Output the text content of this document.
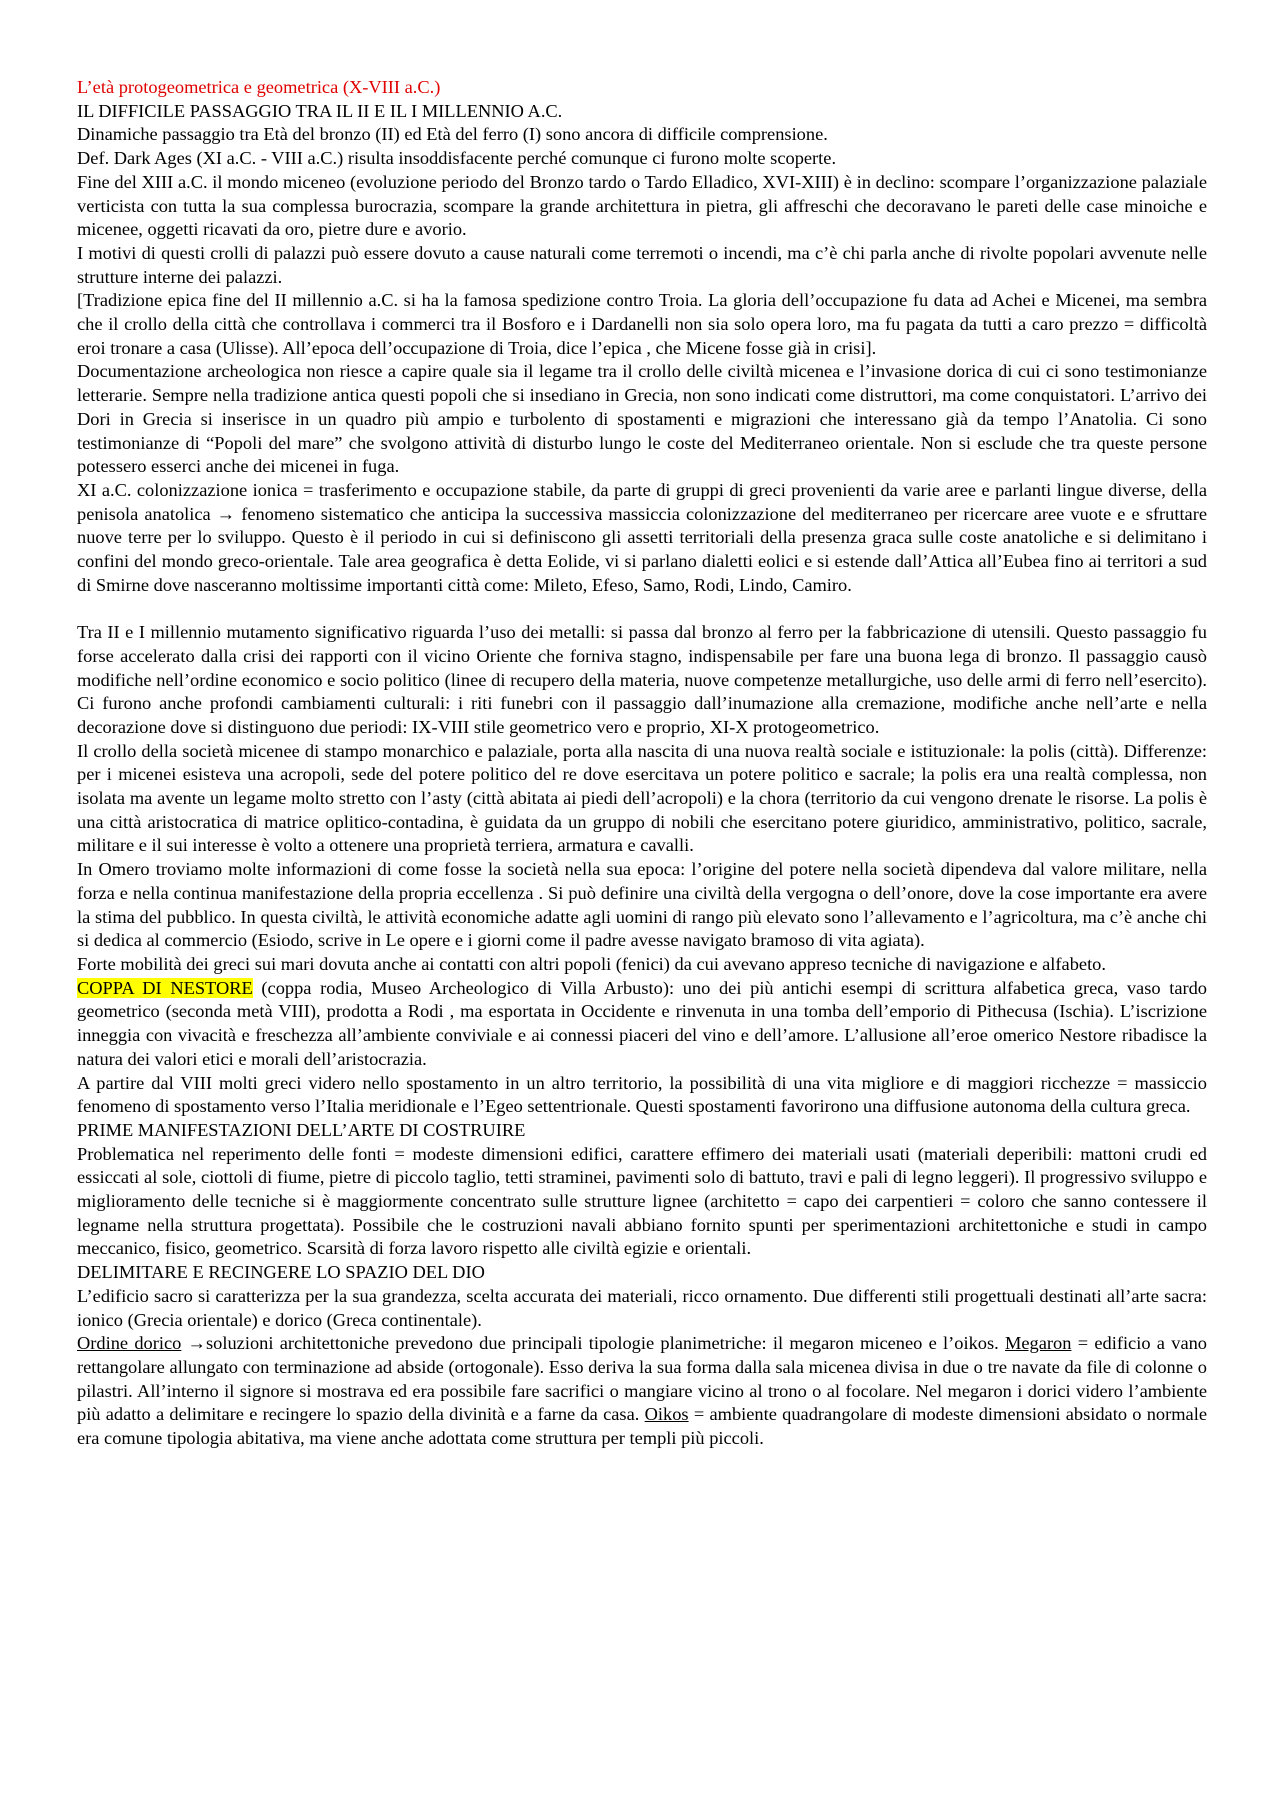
L’età protogeometrica e geometrica (X-VIII a.C.)

IL DIFFICILE PASSAGGIO TRA IL II E IL I MILLENNIO A.C.

Dinamiche passaggio tra Età del bronzo (II) ed Età del ferro (I) sono ancora di difficile comprensione.

Def. Dark Ages (XI a.C. - VIII a.C.) risulta insoddisfacente perché comunque ci furono molte scoperte.

Fine del XIII a.C. il mondo miceneo (evoluzione periodo del Bronzo tardo o Tardo Elladico, XVI-XIII) è in declino: scompare l’organizzazione palaziale verticista con tutta la sua complessa burocrazia, scompare la grande architettura in pietra, gli affreschi che decoravano le pareti delle case minoiche e micenee, oggetti ricavati da oro, pietre dure e avorio.

I motivi di questi crolli di palazzi può essere dovuto a cause naturali come terremoti o incendi, ma c’è chi parla anche di rivolte popolari avvenute nelle strutture interne dei palazzi.

[Tradizione epica fine del II millennio a.C. si ha la famosa spedizione contro Troia. La gloria dell’occupazione fu data ad Achei e Micenei, ma sembra che il crollo della città che controllava i commerci tra il Bosforo e i Dardanelli non sia solo opera loro, ma fu pagata da tutti a caro prezzo = difficoltà eroi tronare a casa (Ulisse). All’epoca dell’occupazione di Troia, dice l’epica , che Micene fosse già in crisi].

Documentazione archeologica non riesce a capire quale sia il legame tra il crollo delle civiltà micenea e l’invasione dorica di cui ci sono testimonianze letterarie. Sempre nella tradizione antica questi popoli che si insediano in Grecia, non sono indicati come distruttori, ma come conquistatori. L’arrivo dei Dori in Grecia si inserisce in un quadro più ampio e turbolento di spostamenti e migrazioni che interessano già da tempo l’Anatolia. Ci sono testimonianze di “Popoli del mare” che svolgono attività di disturbo lungo le coste del Mediterraneo orientale. Non si esclude che tra queste persone potessero esserci anche dei micenei in fuga.

XI a.C. colonizzazione ionica = trasferimento e occupazione stabile, da parte di gruppi di greci provenienti da varie aree e parlanti lingue diverse, della penisola anatolica → fenomeno sistematico che anticipa la successiva massiccia colonizzazione del mediterraneo per ricercare aree vuote e e sfruttare nuove terre per lo sviluppo. Questo è il periodo in cui si definiscono gli assetti territoriali della presenza graca sulle coste anatoliche e si delimitano i confini del mondo greco-orientale. Tale area geografica è detta Eolide, vi si parlano dialetti eolici e si estende dall’Attica all’Eubea fino ai territori a sud di Smirne dove nasceranno moltissime importanti città come: Mileto, Efeso, Samo, Rodi, Lindo, Camiro.

Tra II e I millennio mutamento significativo riguarda l’uso dei metalli: si passa dal bronzo al ferro per la fabbricazione di utensili. Questo passaggio fu forse accelerato dalla crisi dei rapporti con il vicino Oriente che forniva stagno, indispensabile per fare una buona lega di bronzo. Il passaggio causò modifiche nell’ordine economico e socio politico (linee di recupero della materia, nuove competenze metallurgiche, uso delle armi di ferro nell’esercito). Ci furono anche profondi cambiamenti culturali: i riti funebri con il passaggio dall’inumazione alla cremazione, modifiche anche nell’arte e nella decorazione dove si distinguono due periodi: IX-VIII stile geometrico vero e proprio, XI-X protogeometrico.

Il crollo della società micenee di stampo monarchico e palaziale, porta alla nascita di una nuova realtà sociale e istituzionale: la polis (città). Differenze: per i micenei esisteva una acropoli, sede del potere politico del re dove esercitava un potere politico e sacrale; la polis era una realtà complessa, non isolata ma avente un legame molto stretto con l’asty (città abitata ai piedi dell’acropoli) e la chora (territorio da cui vengono drenate le risorse. La polis è una città aristocratica di matrice oplitico-contadina, è guidata da un gruppo di nobili che esercitano potere giuridico, amministrativo, politico, sacrale, militare e il sui interesse è volto a ottenere una proprietà terriera, armatura e cavalli.

In Omero troviamo molte informazioni di come fosse la società nella sua epoca: l’origine del potere nella società dipendeva dal valore militare, nella forza e nella continua manifestazione della propria eccellenza . Si può definire una civiltà della vergogna o dell’onore, dove la cose importante era avere la stima del pubblico. In questa civiltà, le attività economiche adatte agli uomini di rango più elevato sono l’allevamento e l’agricoltura, ma c’è anche chi si dedica al commercio (Esiodo, scrive in Le opere e i giorni come il padre avesse navigato bramoso di vita agiata).

Forte mobilità dei greci sui mari dovuta anche ai contatti con altri popoli (fenici) da cui avevano appreso tecniche di navigazione e alfabeto.

COPPA DI NESTORE (coppa rodia, Museo Archeologico di Villa Arbusto): uno dei più antichi esempi di scrittura alfabetica greca, vaso tardo geometrico (seconda metà VIII), prodotta a Rodi , ma esportata in Occidente e rinvenuta in una tomba dell’emporio di Pithecusa (Ischia). L’iscrizione inneggia con vivacità e freschezza all’ambiente conviviale e ai connessi piaceri del vino e dell’amore. L’allusione all’eroe omerico Nestore ribadisce la natura dei valori etici e morali dell’aristocrazia.

A partire dal VIII molti greci videro nello spostamento in un altro territorio, la possibilità di una vita migliore e di maggiori ricchezze = massiccio fenomeno di spostamento verso l’Italia meridionale e l’Egeo settentrionale. Questi spostamenti favorirono una diffusione autonoma della cultura greca.

PRIME MANIFESTAZIONI DELL’ARTE DI COSTRUIRE

Problematica nel reperimento delle fonti = modeste dimensioni edifici, carattere effimero dei materiali usati (materiali deperibili: mattoni crudi ed essiccati al sole, ciottoli di fiume, pietre di piccolo taglio, tetti straminei, pavimenti solo di battuto, travi e pali di legno leggeri). Il progressivo sviluppo e miglioramento delle tecniche si è maggiormente concentrato sulle strutture lignee (architetto = capo dei carpentieri = coloro che sanno contessere il legname nella struttura progettata). Possibile che le costruzioni navali abbiano fornito spunti per sperimentazioni architettoniche e studi in campo meccanico, fisico, geometrico. Scarsità di forza lavoro rispetto alle civiltà egizie e orientali.

DELIMITARE E RECINGERE LO SPAZIO DEL DIO

L’edificio sacro si caratterizza per la sua grandezza, scelta accurata dei materiali, ricco ornamento. Due differenti stili progettuali destinati all’arte sacra: ionico (Grecia orientale) e dorico (Greca continentale).

Ordine dorico →soluzioni architettoniche prevedono due principali tipologie planimetriche: il megaron miceneo e l’oikos. Megaron = edificio a vano rettangolare allungato con terminazione ad abside (ortogonale). Esso deriva la sua forma dalla sala micenea divisa in due o tre navate da file di colonne o pilastri. All’interno il signore si mostrava ed era possibile fare sacrifici o mangiare vicino al trono o al focolare. Nel megaron i dorici videro l’ambiente più adatto a delimitare e recingere lo spazio della divinità e a farne da casa. Oikos = ambiente quadrangolare di modeste dimensioni absidato o normale era comune tipologia abitativa, ma viene anche adottata come struttura per templi più piccoli.
